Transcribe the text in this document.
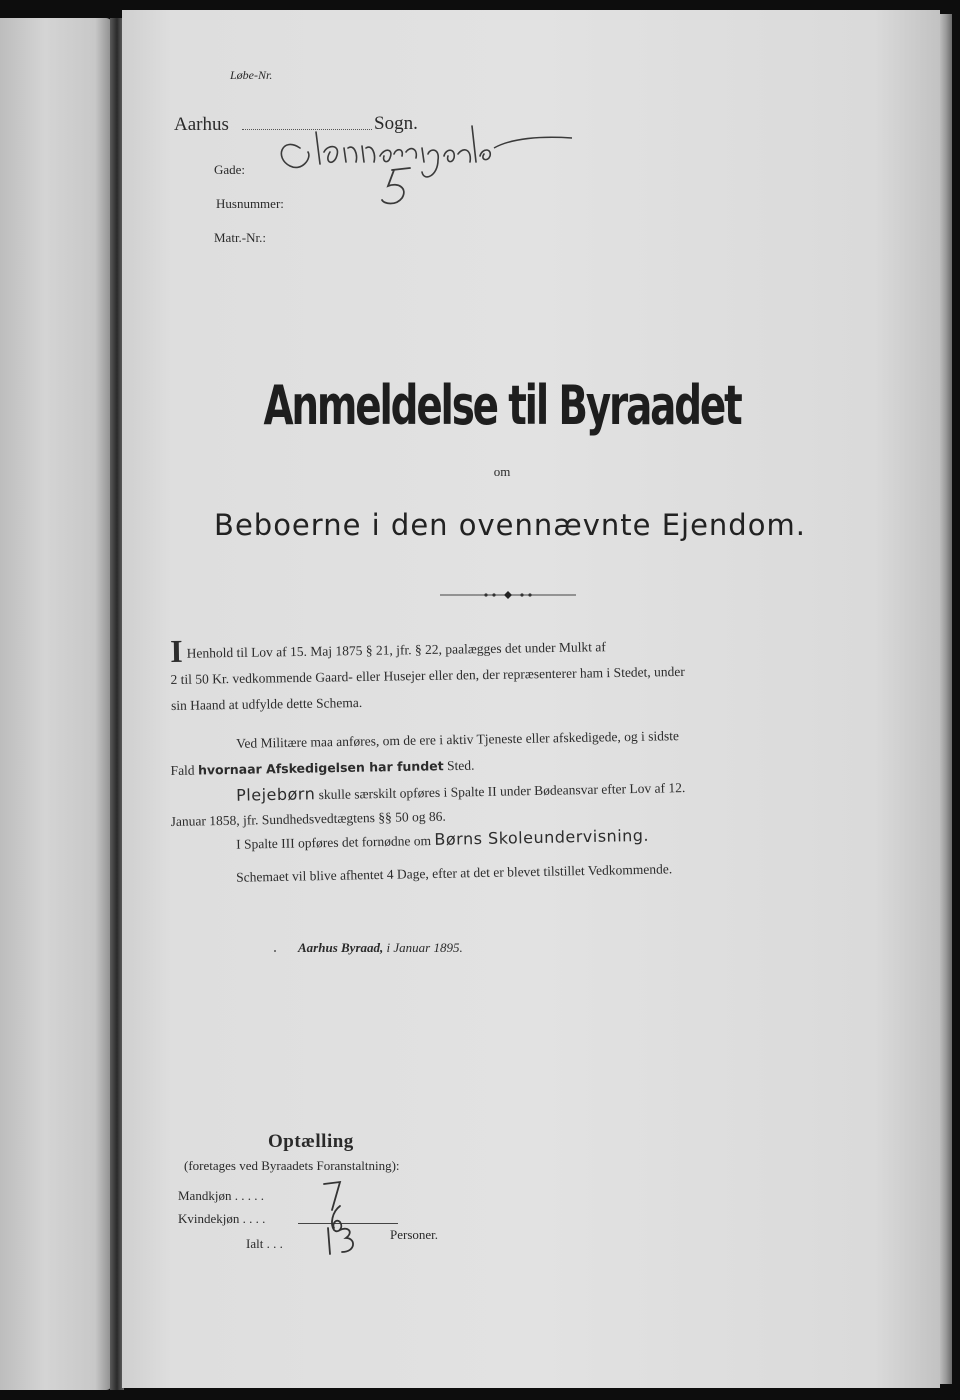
Løbe-Nr.
Aarhus	Sogn.
Gade:
Husnummer:
Matr.-Nr.:
Anmeldelse til Byraadet
om
Beboerne i den ovennævnte Ejendom.
I Henhold til Lov af 15. Maj 1875 § 21, jfr. § 22, paalægges det under Mulkt af
2 til 50 Kr. vedkommende Gaard- eller Husejer eller den, der repræsenterer ham i Stedet, under
sin Haand at udfylde dette Schema.
Ved Militære maa anføres, om de ere i aktiv Tjeneste eller afskedigede, og i sidste
Fald hvornaar Afskedigelsen har fundet Sted.
Plejebørn skulle særskilt opføres i Spalte II under Bødeansvar efter Lov af 12.
Januar 1858, jfr. Sundhedsvedtægtens §§ 50 og 86.
I Spalte III opføres det fornødne om Børns Skoleundervisning.
Schemaet vil blive afhentet 4 Dage, efter at det er blevet tilstillet Vedkommende.
Aarhus Byraad, i Januar 1895.
Optælling
(foretages ved Byraadets Foranstaltning):
Mandkjøn . . . . .
Kvindekjøn . . . .
Ialt . . .
Personer.
